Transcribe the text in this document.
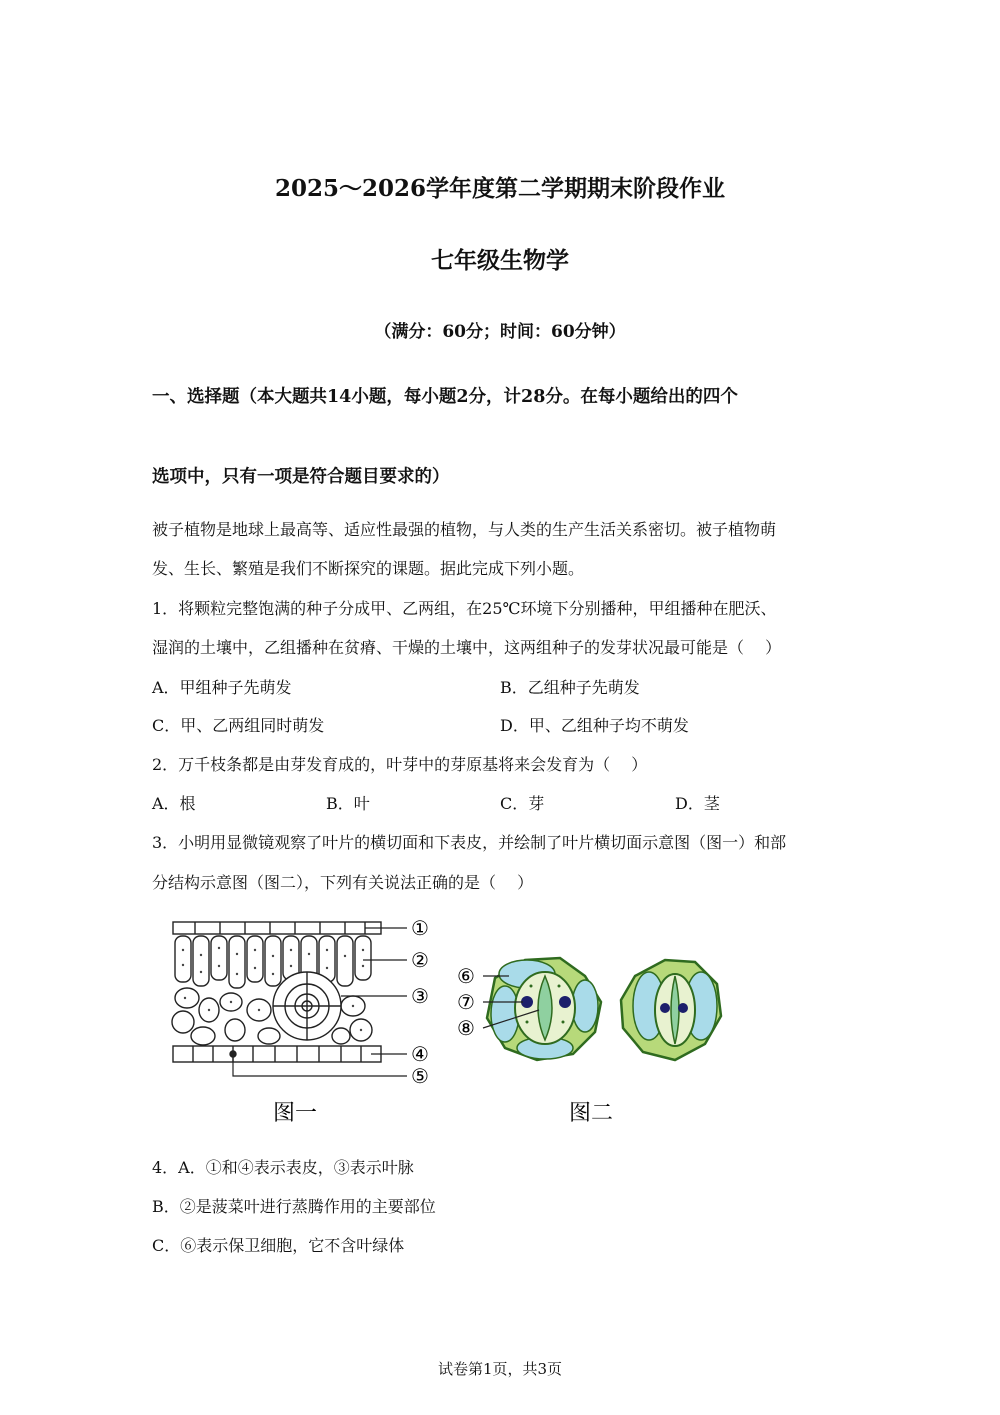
2025～2026学年度第二学期期末阶段作业
七年级生物学
（满分：60分；时间：60分钟）
一、选择题（本大题共14小题，每小题2分，计28分。在每小题给出的四个
选项中，只有一项是符合题目要求的）
被子植物是地球上最高等、适应性最强的植物，与人类的生产生活关系密切。被子植物萌
发、生长、繁殖是我们不断探究的课题。据此完成下列小题。
1．将颗粒完整饱满的种子分成甲、乙两组，在25℃环境下分别播种，甲组播种在肥沃、
湿润的土壤中，乙组播种在贫瘠、干燥的土壤中，这两组种子的发芽状况最可能是（　 ）
A．甲组种子先萌发	B．乙组种子先萌发
C．甲、乙两组同时萌发	D．甲、乙组种子均不萌发
2．万千枝条都是由芽发育成的，叶芽中的芽原基将来会发育为（　 ）
A．根	B．叶	C．芽	D．茎
3．小明用显微镜观察了叶片的横切面和下表皮，并绘制了叶片横切面示意图（图一）和部
分结构示意图（图二），下列有关说法正确的是（　 ）
①
②
③
④
⑤
⑥
⑦
⑧
图一	图二
4．A．①和④表示表皮，③表示叶脉
B．②是菠菜叶进行蒸腾作用的主要部位
C．⑥表示保卫细胞，它不含叶绿体
试卷第1页，共3页
